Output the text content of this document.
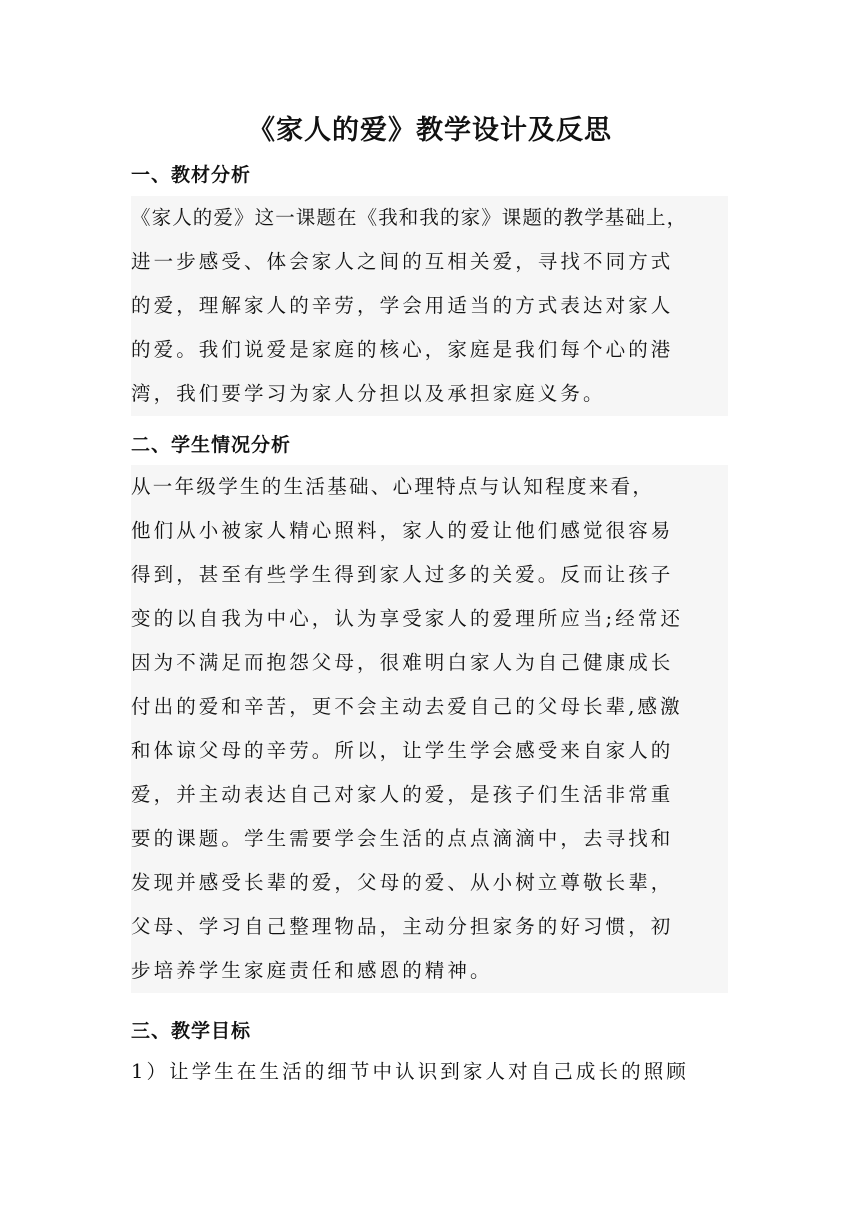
《家人的爱》教学设计及反思
一、教材分析
《家人的爱》这一课题在《我和我的家》课题的教学基础上，
进一步感受、体会家人之间的互相关爱，寻找不同方式
的爱，理解家人的辛劳，学会用适当的方式表达对家人
的爱。我们说爱是家庭的核心，家庭是我们每个心的港
湾，我们要学习为家人分担以及承担家庭义务。
二、学生情况分析
从一年级学生的生活基础、心理特点与认知程度来看，
他们从小被家人精心照料，家人的爱让他们感觉很容易
得到，甚至有些学生得到家人过多的关爱。反而让孩子
变的以自我为中心，认为享受家人的爱理所应当;经常还
因为不满足而抱怨父母，很难明白家人为自己健康成长
付出的爱和辛苦，更不会主动去爱自己的父母长辈,感激
和体谅父母的辛劳。所以，让学生学会感受来自家人的
爱，并主动表达自己对家人的爱，是孩子们生活非常重
要的课题。学生需要学会生活的点点滴滴中，去寻找和
发现并感受长辈的爱，父母的爱、从小树立尊敬长辈，
父母、学习自己整理物品，主动分担家务的好习惯，初
步培养学生家庭责任和感恩的精神。
三、教学目标
1）让学生在生活的细节中认识到家人对自己成长的照顾
